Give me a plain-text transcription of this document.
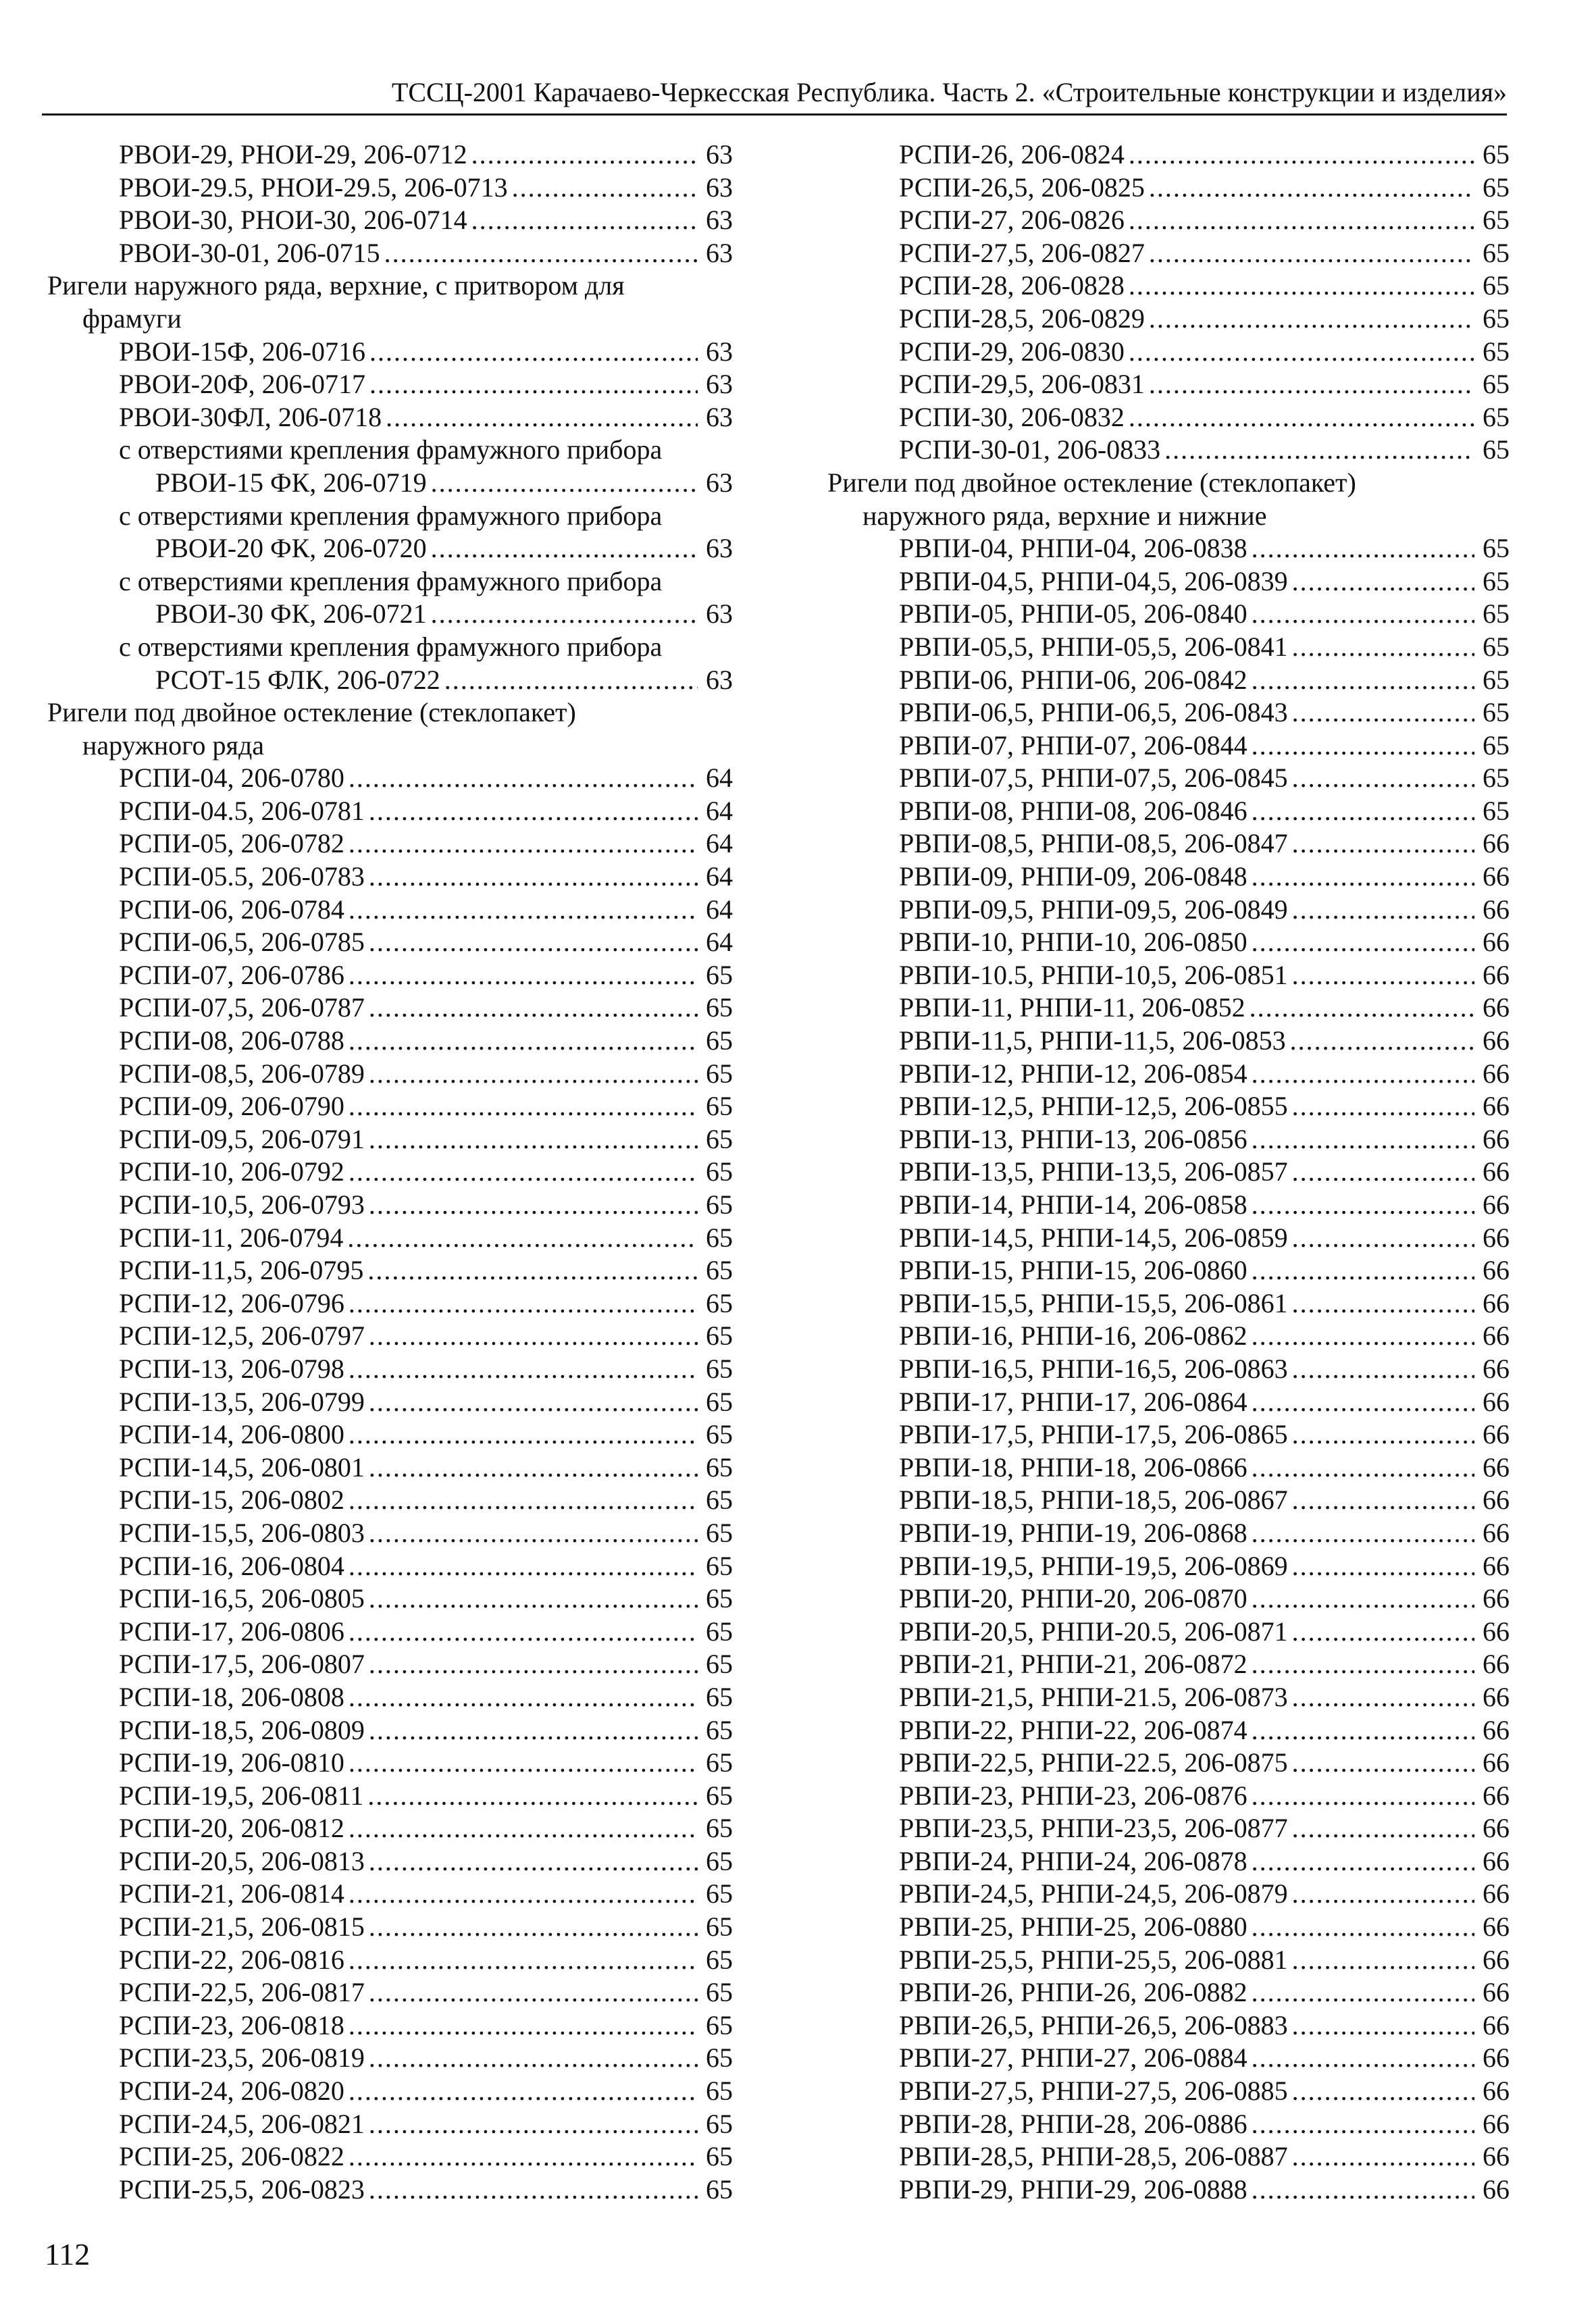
ТССЦ-2001 Карачаево-Черкесская Республика. Часть 2. «Строительные конструкции и изделия»
РВОИ-29, РНОИ-29, 206-0712 .....	63
РВОИ-29.5, РНОИ-29.5, 206-0713 .....	63
РВОИ-30, РНОИ-30, 206-0714 .....	63
РВОИ-30-01, 206-0715 .....	63
Ригели наружного ряда, верхние, с притвором для
фрамуги
РВОИ-15Ф, 206-0716 .....	63
РВОИ-20Ф, 206-0717 .....	63
РВОИ-30ФЛ, 206-0718 .....	63
с отверстиями крепления фрамужного прибора
РВОИ-15 ФК, 206-0719 .....	63
с отверстиями крепления фрамужного прибора
РВОИ-20 ФК, 206-0720 .....	63
с отверстиями крепления фрамужного прибора
РВОИ-30 ФК, 206-0721 .....	63
с отверстиями крепления фрамужного прибора
РСОТ-15 ФЛК, 206-0722 .....	63
Ригели под двойное остекление (стеклопакет)
наружного ряда
РСПИ-04, 206-0780 .....	64
РСПИ-04.5, 206-0781 .....	64
РСПИ-05, 206-0782 .....	64
РСПИ-05.5, 206-0783 .....	64
РСПИ-06, 206-0784 .....	64
РСПИ-06,5, 206-0785 .....	64
РСПИ-07, 206-0786 .....	65
РСПИ-07,5, 206-0787 .....	65
РСПИ-08, 206-0788 .....	65
РСПИ-08,5, 206-0789 .....	65
РСПИ-09, 206-0790 .....	65
РСПИ-09,5, 206-0791 .....	65
РСПИ-10, 206-0792 .....	65
РСПИ-10,5, 206-0793 .....	65
РСПИ-11, 206-0794 .....	65
РСПИ-11,5, 206-0795 .....	65
РСПИ-12, 206-0796 .....	65
РСПИ-12,5, 206-0797 .....	65
РСПИ-13, 206-0798 .....	65
РСПИ-13,5, 206-0799 .....	65
РСПИ-14, 206-0800 .....	65
РСПИ-14,5, 206-0801 .....	65
РСПИ-15, 206-0802 .....	65
РСПИ-15,5, 206-0803 .....	65
РСПИ-16, 206-0804 .....	65
РСПИ-16,5, 206-0805 .....	65
РСПИ-17, 206-0806 .....	65
РСПИ-17,5, 206-0807 .....	65
РСПИ-18, 206-0808 .....	65
РСПИ-18,5, 206-0809 .....	65
РСПИ-19, 206-0810 .....	65
РСПИ-19,5, 206-0811 .....	65
РСПИ-20, 206-0812 .....	65
РСПИ-20,5, 206-0813 .....	65
РСПИ-21, 206-0814 .....	65
РСПИ-21,5, 206-0815 .....	65
РСПИ-22, 206-0816 .....	65
РСПИ-22,5, 206-0817 .....	65
РСПИ-23, 206-0818 .....	65
РСПИ-23,5, 206-0819 .....	65
РСПИ-24, 206-0820 .....	65
РСПИ-24,5, 206-0821 .....	65
РСПИ-25, 206-0822 .....	65
РСПИ-25,5, 206-0823 .....	65
РСПИ-26, 206-0824 .....	65
РСПИ-26,5, 206-0825 .....	65
РСПИ-27, 206-0826 .....	65
РСПИ-27,5, 206-0827 .....	65
РСПИ-28, 206-0828 .....	65
РСПИ-28,5, 206-0829 .....	65
РСПИ-29, 206-0830 .....	65
РСПИ-29,5, 206-0831 .....	65
РСПИ-30, 206-0832 .....	65
РСПИ-30-01, 206-0833 .....	65
Ригели под двойное остекление (стеклопакет)
наружного ряда, верхние и нижние
РВПИ-04, РНПИ-04, 206-0838 .....	65
РВПИ-04,5, РНПИ-04,5, 206-0839 .....	65
РВПИ-05, РНПИ-05, 206-0840 .....	65
РВПИ-05,5, РНПИ-05,5, 206-0841 .....	65
РВПИ-06, РНПИ-06, 206-0842 .....	65
РВПИ-06,5, РНПИ-06,5, 206-0843 .....	65
РВПИ-07, РНПИ-07, 206-0844 .....	65
РВПИ-07,5, РНПИ-07,5, 206-0845 .....	65
РВПИ-08, РНПИ-08, 206-0846 .....	65
РВПИ-08,5, РНПИ-08,5, 206-0847 .....	66
РВПИ-09, РНПИ-09, 206-0848 .....	66
РВПИ-09,5, РНПИ-09,5, 206-0849 .....	66
РВПИ-10, РНПИ-10, 206-0850 .....	66
РВПИ-10.5, РНПИ-10,5, 206-0851 .....	66
РВПИ-11, РНПИ-11, 206-0852 .....	66
РВПИ-11,5, РНПИ-11,5, 206-0853 .....	66
РВПИ-12, РНПИ-12, 206-0854 .....	66
РВПИ-12,5, РНПИ-12,5, 206-0855 .....	66
РВПИ-13, РНПИ-13, 206-0856 .....	66
РВПИ-13,5, РНПИ-13,5, 206-0857 .....	66
РВПИ-14, РНПИ-14, 206-0858 .....	66
РВПИ-14,5, РНПИ-14,5, 206-0859 .....	66
РВПИ-15, РНПИ-15, 206-0860 .....	66
РВПИ-15,5, РНПИ-15,5, 206-0861 .....	66
РВПИ-16, РНПИ-16, 206-0862 .....	66
РВПИ-16,5, РНПИ-16,5, 206-0863 .....	66
РВПИ-17, РНПИ-17, 206-0864 .....	66
РВПИ-17,5, РНПИ-17,5, 206-0865 .....	66
РВПИ-18, РНПИ-18, 206-0866 .....	66
РВПИ-18,5, РНПИ-18,5, 206-0867 .....	66
РВПИ-19, РНПИ-19, 206-0868 .....	66
РВПИ-19,5, РНПИ-19,5, 206-0869 .....	66
РВПИ-20, РНПИ-20, 206-0870 .....	66
РВПИ-20,5, РНПИ-20.5, 206-0871 .....	66
РВПИ-21, РНПИ-21, 206-0872 .....	66
РВПИ-21,5, РНПИ-21.5, 206-0873 .....	66
РВПИ-22, РНПИ-22, 206-0874 .....	66
РВПИ-22,5, РНПИ-22.5, 206-0875 .....	66
РВПИ-23, РНПИ-23, 206-0876 .....	66
РВПИ-23,5, РНПИ-23,5, 206-0877 .....	66
РВПИ-24, РНПИ-24, 206-0878 .....	66
РВПИ-24,5, РНПИ-24,5, 206-0879 .....	66
РВПИ-25, РНПИ-25, 206-0880 .....	66
РВПИ-25,5, РНПИ-25,5, 206-0881 .....	66
РВПИ-26, РНПИ-26, 206-0882 .....	66
РВПИ-26,5, РНПИ-26,5, 206-0883 .....	66
РВПИ-27, РНПИ-27, 206-0884 .....	66
РВПИ-27,5, РНПИ-27,5, 206-0885 .....	66
РВПИ-28, РНПИ-28, 206-0886 .....	66
РВПИ-28,5, РНПИ-28,5, 206-0887 .....	66
РВПИ-29, РНПИ-29, 206-0888 .....	66
112
